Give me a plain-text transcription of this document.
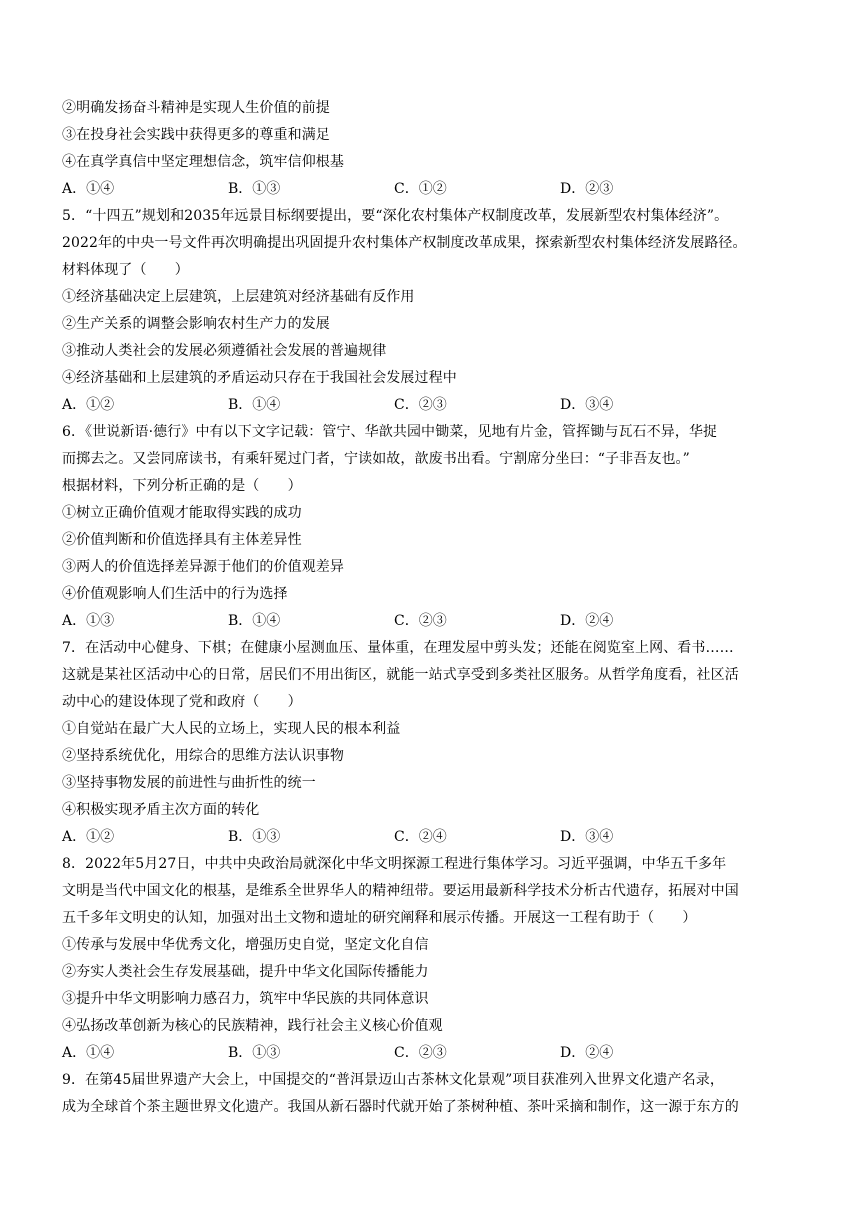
②明确发扬奋斗精神是实现人生价值的前提
③在投身社会实践中获得更多的尊重和满足
④在真学真信中坚定理想信念，筑牢信仰根基
A．①④	B．①③	C．①②	D．②③
5．“十四五”规划和2035年远景目标纲要提出，要“深化农村集体产权制度改革，发展新型农村集体经济”。
2022年的中央一号文件再次明确提出巩固提升农村集体产权制度改革成果，探索新型农村集体经济发展路径。
材料体现了（　　）
①经济基础决定上层建筑，上层建筑对经济基础有反作用
②生产关系的调整会影响农村生产力的发展
③推动人类社会的发展必须遵循社会发展的普遍规律
④经济基础和上层建筑的矛盾运动只存在于我国社会发展过程中
A．①②	B．①④	C．②③	D．③④
6．《世说新语·德行》中有以下文字记载：管宁、华歆共园中锄菜，见地有片金，管挥锄与瓦石不异，华捉
而掷去之。又尝同席读书，有乘轩冕过门者，宁读如故，歆废书出看。宁割席分坐曰：“子非吾友也。”
根据材料，下列分析正确的是（　　）
①树立正确价值观才能取得实践的成功
②价值判断和价值选择具有主体差异性
③两人的价值选择差异源于他们的价值观差异
④价值观影响人们生活中的行为选择
A．①③	B．①④	C．②③	D．②④
7．在活动中心健身、下棋；在健康小屋测血压、量体重，在理发屋中剪头发；还能在阅览室上网、看书……
这就是某社区活动中心的日常，居民们不用出街区，就能一站式享受到多类社区服务。从哲学角度看，社区活
动中心的建设体现了党和政府（　　）
①自觉站在最广大人民的立场上，实现人民的根本利益
②坚持系统优化，用综合的思维方法认识事物
③坚持事物发展的前进性与曲折性的统一
④积极实现矛盾主次方面的转化
A．①②	B．①③	C．②④	D．③④
8．2022年5月27日，中共中央政治局就深化中华文明探源工程进行集体学习。习近平强调，中华五千多年
文明是当代中国文化的根基，是维系全世界华人的精神纽带。要运用最新科学技术分析古代遗存，拓展对中国
五千多年文明史的认知，加强对出土文物和遗址的研究阐释和展示传播。开展这一工程有助于（　　）
①传承与发展中华优秀文化，增强历史自觉，坚定文化自信
②夯实人类社会生存发展基础，提升中华文化国际传播能力
③提升中华文明影响力感召力，筑牢中华民族的共同体意识
④弘扬改革创新为核心的民族精神，践行社会主义核心价值观
A．①④	B．①③	C．②③	D．②④
9．在第45届世界遗产大会上，中国提交的“普洱景迈山古茶林文化景观”项目获准列入世界文化遗产名录，
成为全球首个茶主题世界文化遗产。我国从新石器时代就开始了茶树种植、茶叶采摘和制作，这一源于东方的
